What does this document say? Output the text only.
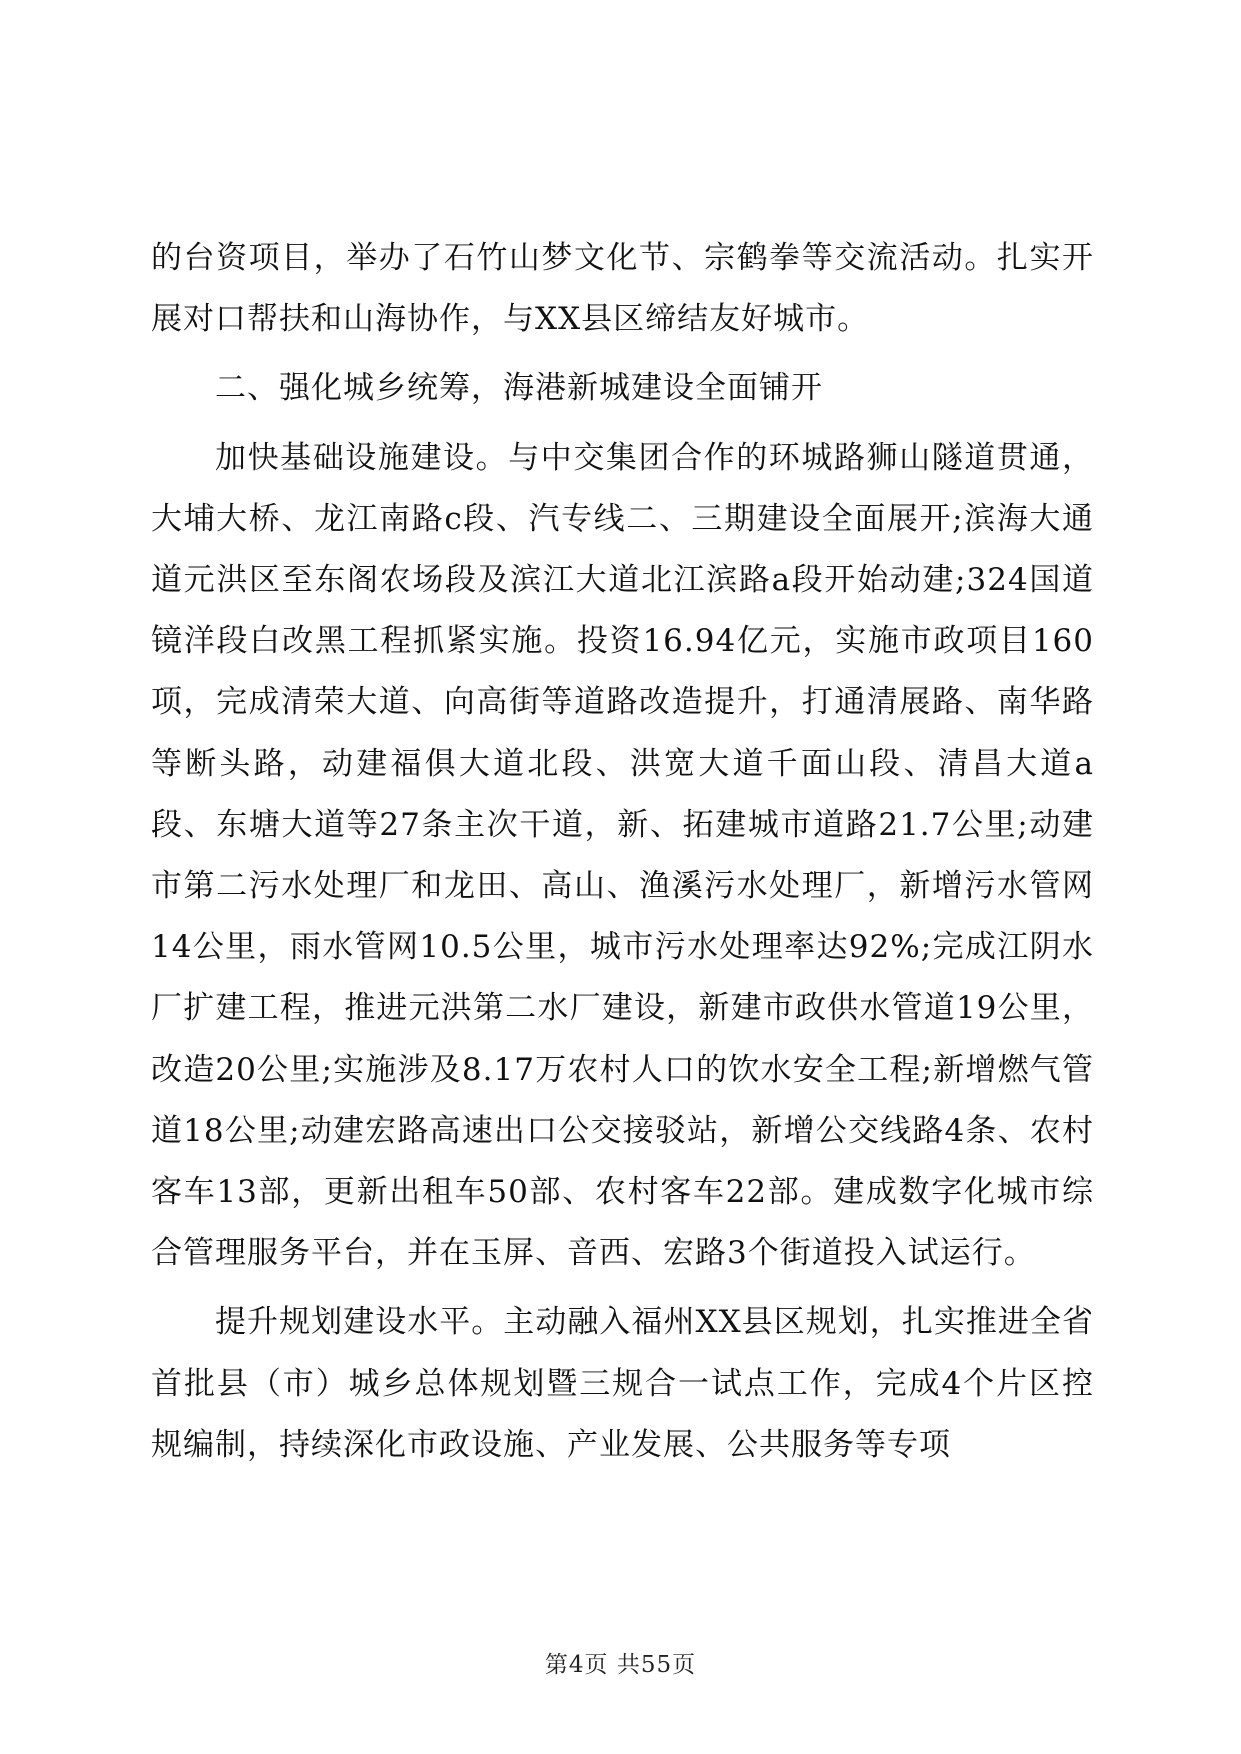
的台资项目，举办了石竹山梦文化节、宗鹤拳等交流活动。扎实开展对口帮扶和山海协作，与XX县区缔结友好城市。

二、强化城乡统筹，海港新城建设全面铺开

加快基础设施建设。与中交集团合作的环城路狮山隧道贯通，大埔大桥、龙江南路c段、汽专线二、三期建设全面展开;滨海大通道元洪区至东阁农场段及滨江大道北江滨路a段开始动建;324国道镜洋段白改黑工程抓紧实施。投资16.94亿元，实施市政项目160项，完成清荣大道、向高街等道路改造提升，打通清展路、南华路等断头路，动建福俱大道北段、洪宽大道千面山段、清昌大道a段、东塘大道等27条主次干道，新、拓建城市道路21.7公里;动建市第二污水处理厂和龙田、高山、渔溪污水处理厂，新增污水管网14公里，雨水管网10.5公里，城市污水处理率达92%;完成江阴水厂扩建工程，推进元洪第二水厂建设，新建市政供水管道19公里，改造20公里;实施涉及8.17万农村人口的饮水安全工程;新增燃气管道18公里;动建宏路高速出口公交接驳站，新增公交线路4条、农村客车13部，更新出租车50部、农村客车22部。建成数字化城市综合管理服务平台，并在玉屏、音西、宏路3个街道投入试运行。

提升规划建设水平。主动融入福州XX县区规划，扎实推进全省首批县（市）城乡总体规划暨三规合一试点工作，完成4个片区控规编制，持续深化市政设施、产业发展、公共服务等专项

第4页 共55页
